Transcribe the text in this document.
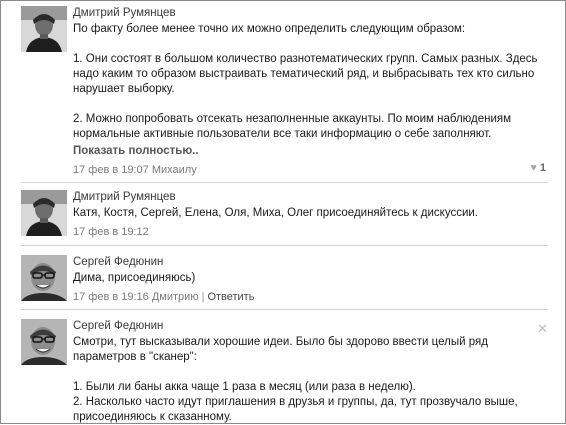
Дмитрий Румянцев
По факту более менее точно их можно определить следующим образом:

1. Они состоят в большом количество разнотематических групп. Самых разных. Здесь надо каким то образом выстраивать тематический ряд, и выбрасывать тех кто сильно нарушает выборку.

2. Можно попробовать отсекать незаполненные аккаунты. По моим наблюдениям нормальные активные пользователи все таки информацию о себе заполняют.
Показать полностью..
17 фев в 19:07 Михаилу	♥ 1
Дмитрий Румянцев
Катя, Костя, Сергей, Елена, Оля, Миха, Олег присоединяйтесь к дискуссии.
17 фев в 19:12
Сергей Федюнин
Дима, присоединяюсь)
17 фев в 19:16 Дмитрию | Ответить
Сергей Федюнин
Смотри, тут высказывали хорошие идеи. Было бы здорово ввести целый ряд параметров в "сканер":

1. Были ли баны акка чаще 1 раза в месяц (или раза в неделю).
2. Насколько часто идут приглашения в друзья и группы, да, тут прозвучало выше, присоединяюсь к сказанному.
✕
